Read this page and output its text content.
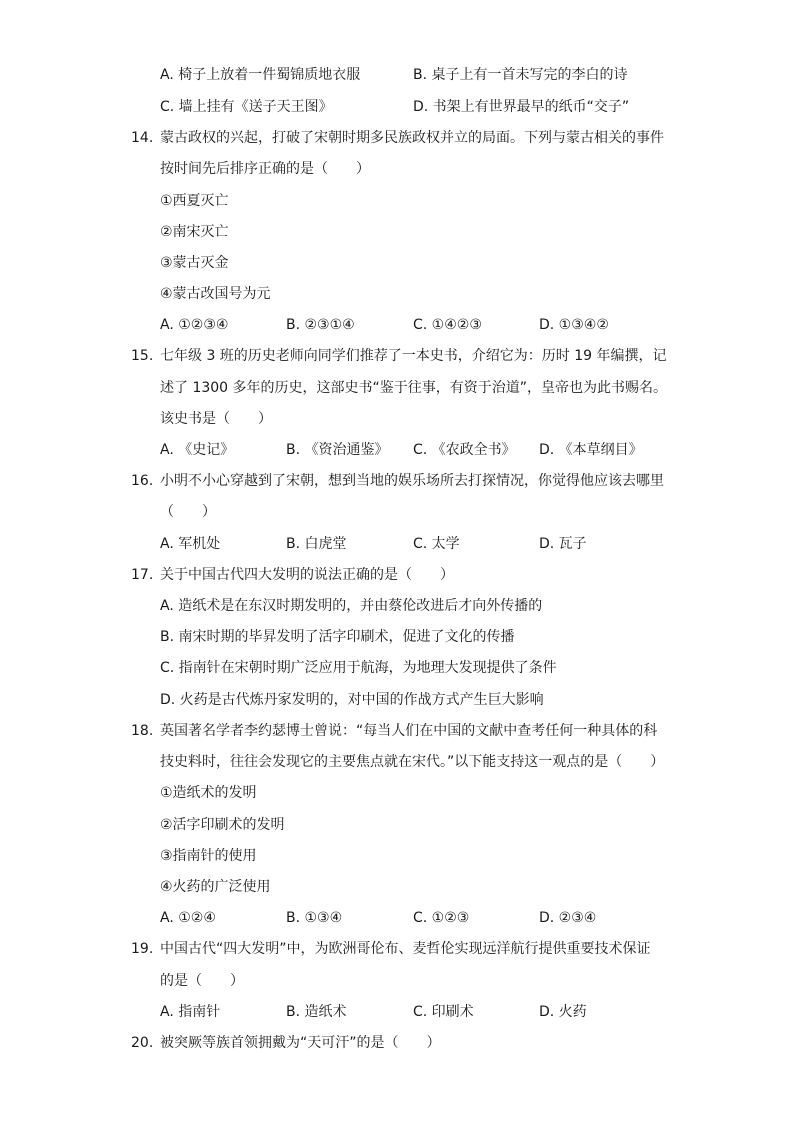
A. 椅子上放着一件蜀锦质地衣服	B. 桌子上有一首未写完的李白的诗
C. 墙上挂有《送子天王图》	D. 书架上有世界最早的纸币“交子”
14. 蒙古政权的兴起，打破了宋朝时期多民族政权并立的局面。下列与蒙古相关的事件
按时间先后排序正确的是（　　）
①西夏灭亡
②南宋灭亡
③蒙古灭金
④蒙古改国号为元
A. ①②③④	B. ②③①④	C. ①④②③	D. ①③④②
15. 七年级 3 班的历史老师向同学们推荐了一本史书，介绍它为：历时 19 年编撰，记
述了 1300 多年的历史，这部史书“鉴于往事，有资于治道”，皇帝也为此书赐名。
该史书是（　　）
A. 《史记》	B. 《资治通鉴》 C. 《农政全书》 D. 《本草纲目》
16. 小明不小心穿越到了宋朝，想到当地的娱乐场所去打探情况，你觉得他应该去哪里
（　　）
A. 军机处	B. 白虎堂	C. 太学	D. 瓦子
17. 关于中国古代四大发明的说法正确的是（　　）
A. 造纸术是在东汉时期发明的，并由蔡伦改进后才向外传播的
B. 南宋时期的毕昇发明了活字印刷术，促进了文化的传播
C. 指南针在宋朝时期广泛应用于航海，为地理大发现提供了条件
D. 火药是古代炼丹家发明的，对中国的作战方式产生巨大影响
18. 英国著名学者李约瑟博士曾说：“每当人们在中国的文献中查考任何一种具体的科
技史料时，往往会发现它的主要焦点就在宋代。”以下能支持这一观点的是（　　）
①造纸术的发明
②活字印刷术的发明
③指南针的使用
④火药的广泛使用
A. ①②④	B. ①③④	C. ①②③	D. ②③④
19. 中国古代“四大发明”中，为欧洲哥伦布、麦哲伦实现远洋航行提供重要技术保证
的是（　　）
A. 指南针	B. 造纸术	C. 印刷术	D. 火药
20. 被突厥等族首领拥戴为“天可汗”的是（　　）
